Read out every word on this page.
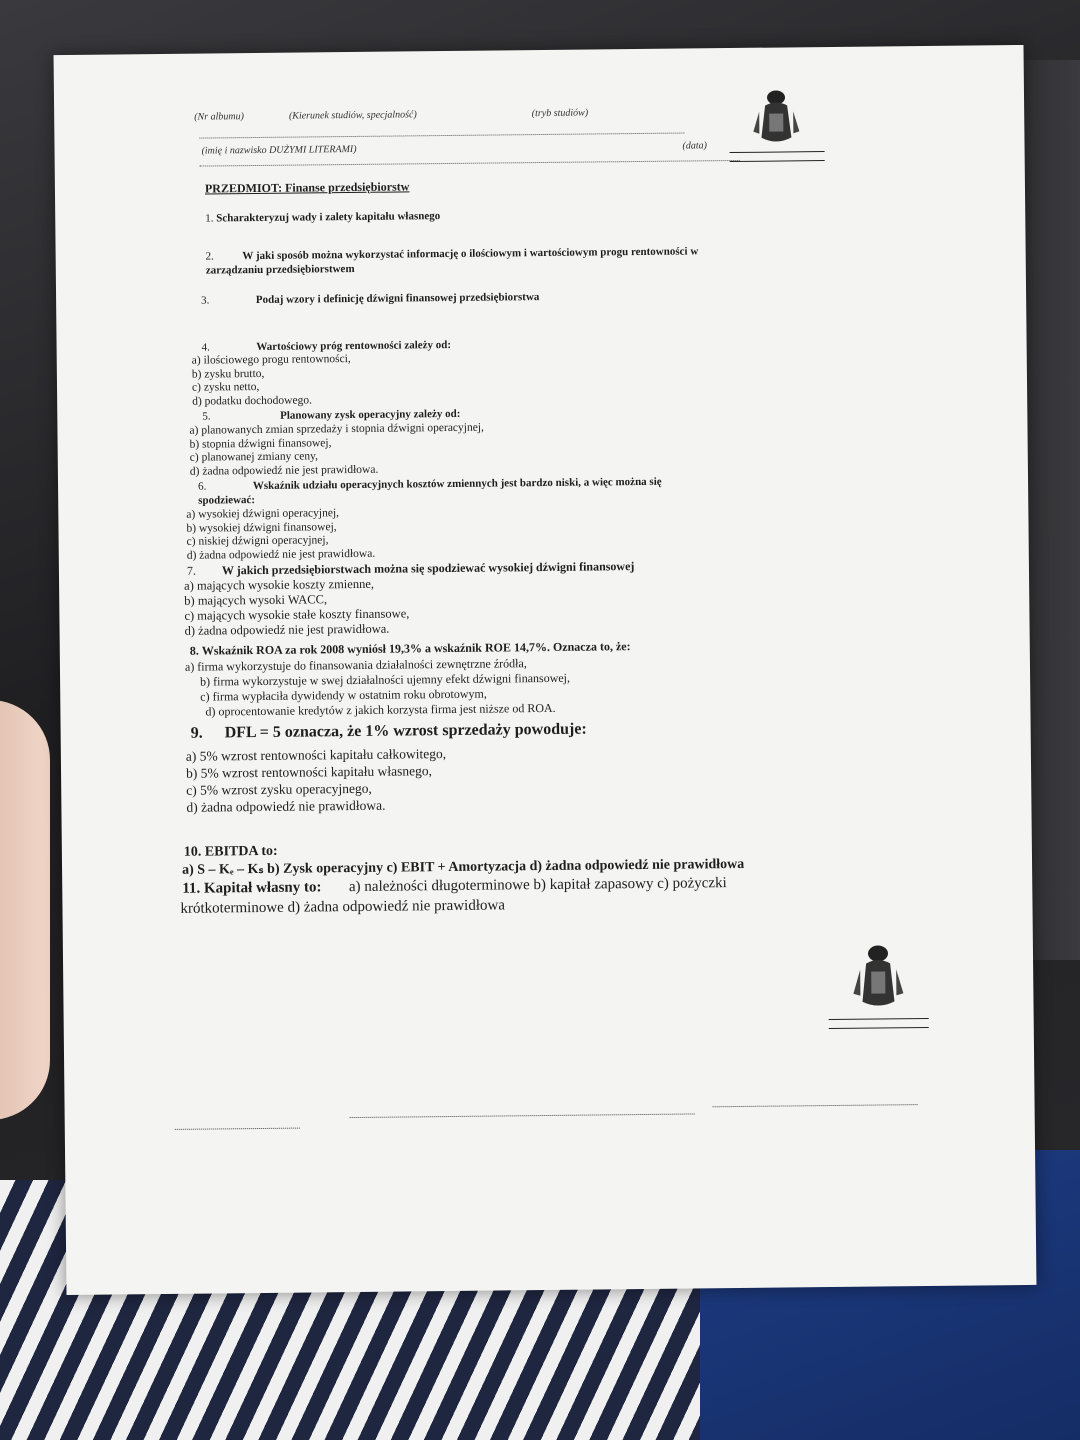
(Nr albumu)	(Kierunek studiów, specjalność)	(tryb studiów)
(imię i nazwisko DUŻYMI LITERAMI)	(data)

PRZEDMIOT: Finanse przedsiębiorstw
1. Scharakteryzuj wady i zalety kapitału własnego
2.	W jaki sposób można wykorzystać informację o ilościowym i wartościowym progu rentowności w
zarządzaniu przedsiębiorstwem
3.	Podaj wzory i definicję dźwigni finansowej przedsiębiorstwa
4.	Wartościowy próg rentowności zależy od:
a) ilościowego progu rentowności,
b) zysku brutto,
c) zysku netto,
d) podatku dochodowego.
5.	Planowany zysk operacyjny zależy od:
a) planowanych zmian sprzedaży i stopnia dźwigni operacyjnej,
b) stopnia dźwigni finansowej,
c) planowanej zmiany ceny,
d) żadna odpowiedź nie jest prawidłowa.
6.	Wskaźnik udziału operacyjnych kosztów zmiennych jest bardzo niski, a więc można się
spodziewać:
a) wysokiej dźwigni operacyjnej,
b) wysokiej dźwigni finansowej,
c) niskiej dźwigni operacyjnej,
d) żadna odpowiedź nie jest prawidłowa.
7. W jakich przedsiębiorstwach można się spodziewać wysokiej dźwigni finansowej
a) mających wysokie koszty zmienne,
b) mających wysoki WACC,
c) mających wysokie stałe koszty finansowe,
d) żadna odpowiedź nie jest prawidłowa.
8. Wskaźnik ROA za rok 2008 wyniósł 19,3% a wskaźnik ROE 14,7%. Oznacza to, że:
a) firma wykorzystuje do finansowania działalności zewnętrzne źródła,
b) firma wykorzystuje w swej działalności ujemny efekt dźwigni finansowej,
c) firma wypłaciła dywidendy w ostatnim roku obrotowym,
d) oprocentowanie kredytów z jakich korzysta firma jest niższe od ROA.
9. DFL = 5 oznacza, że 1% wzrost sprzedaży powoduje:
a) 5% wzrost rentowności kapitału całkowitego,
b) 5% wzrost rentowności kapitału własnego,
c) 5% wzrost zysku operacyjnego,
d) żadna odpowiedź nie prawidłowa.
10. EBITDA to:
a) S – Kₑ – Kₛ b) Zysk operacyjny c) EBIT + Amortyzacja d) żadna odpowiedź nie prawidłowa
11. Kapitał własny to: a) należności długoterminowe b) kapitał zapasowy c) pożyczki
krótkoterminowe d) żadna odpowiedź nie prawidłowa
